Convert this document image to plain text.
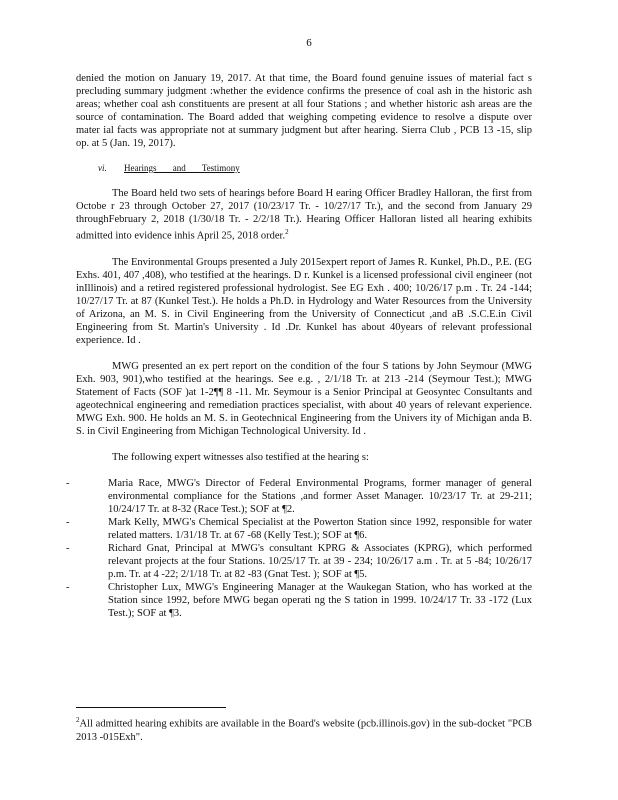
6

denied the motion on January 19, 2017. At that time, the Board found genuine issues of material fact s precluding summary judgment :whether the evidence confirms the presence of coal ash in the historic ash areas; whether coal ash constituents are present at all four Stations ; and whether historic ash areas are the source of contamination. The Board added that weighing competing evidence to resolve a dispute over mater ial facts was appropriate not at summary judgment but after hearing. Sierra Club , PCB 13 -15, slip op. at 5 (Jan. 19, 2017).

vi.	Hearings and Testimony

The Board held two sets of hearings before Board H earing Officer Bradley Halloran, the first from Octobe r 23 through October 27, 2017 (10/23/17 Tr. - 10/27/17 Tr.), and the second from January 29 throughFebruary 2, 2018 (1/30/18 Tr. - 2/2/18 Tr.). Hearing Officer Halloran listed all hearing exhibits admitted into evidence inhis April 25, 2018 order.$^2$

The Environmental Groups presented a July 2015expert report of James R. Kunkel, Ph.D., P.E. (EG Exhs. 401, 407 ,408), who testified at the hearings. D r. Kunkel is a licensed professional civil engineer (not inIllinois) and a retired registered professional hydrologist. See EG Exh . 400; 10/26/17 p.m . Tr. 24 -144; 10/27/17 Tr. at 87 (Kunkel Test.). He holds a Ph.D. in Hydrology and Water Resources from the University of Arizona, an M. S. in Civil Engineering from the University of Connecticut ,and aB .S.C.E.in Civil Engineering from St. Martin's University . Id .Dr. Kunkel has about 40years of relevant professional experience. Id .

MWG presented an ex pert report on the condition of the four S tations by John Seymour (MWG Exh. 903, 901),who testified at the hearings. See e.g. , 2/1/18 Tr. at 213 -214 (Seymour Test.); MWG Statement of Facts (SOF )at 1-2¶¶ 8 -11. Mr. Seymour is a Senior Principal at Geosyntec Consultants and ageotechnical engineering and remediation practices specialist, with about 40 years of relevant experience. MWG Exh. 900. He holds an M. S. in Geotechnical Engineering from the Univers ity of Michigan anda B. S. in Civil Engineering from Michigan Technological University. Id .

The following expert witnesses also testified at the hearing s:

-	Maria Race, MWG's Director of Federal Environmental Programs, former manager of general environmental compliance for the Stations ,and former Asset Manager. 10/23/17 Tr. at 29-211; 10/24/17 Tr. at 8-32 (Race Test.); SOF at ¶2.
-	Mark Kelly, MWG's Chemical Specialist at the Powerton Station since 1992, responsible for water related matters. 1/31/18 Tr. at 67 -68 (Kelly Test.); SOF at ¶6.
-	Richard Gnat, Principal at MWG's consultant KPRG & Associates (KPRG), which performed relevant projects at the four Stations. 10/25/17 Tr. at 39 - 234; 10/26/17 a.m . Tr. at 5 -84; 10/26/17 p.m. Tr. at 4 -22; 2/1/18 Tr. at 82 -83 (Gnat Test. ); SOF at ¶5.
-	Christopher Lux, MWG's Engineering Manager at the Waukegan Station, who has worked at the Station since 1992, before MWG began operati ng the S tation in 1999. 10/24/17 Tr. 33 -172 (Lux Test.); SOF at ¶3.
$^2$All admitted hearing exhibits are available in the Board's website (pcb.illinois.gov) in the sub-docket "PCB 2013 -015Exh".
